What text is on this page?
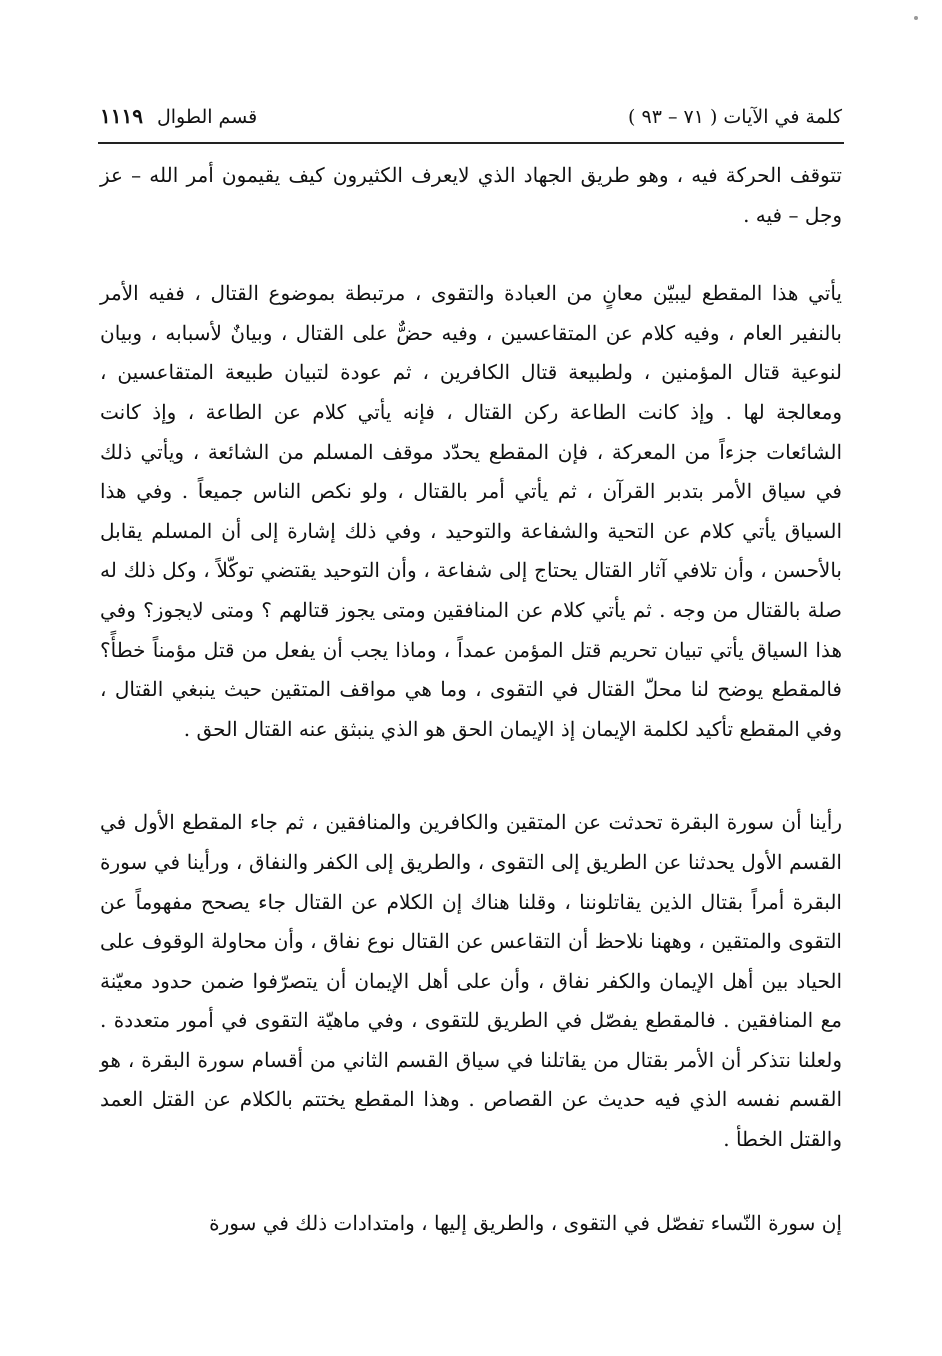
كلمة في الآيات ( ٧١ – ٩٣ )
قسم الطوال
١١١٩

تتوقف الحركة فيه ، وهو طريق الجهاد الذي لايعرف الكثيرون كيف يقيمون أمر الله – عز وجل – فيه .

يأتي هذا المقطع ليبيّن معانٍ من العبادة والتقوى ، مرتبطة بموضوع القتال ، ففيه الأمر بالنفير العام ، وفيه كلام عن المتقاعسين ، وفيه حضٌّ على القتال ، وبيانٌ لأسبابه ، وبيان لنوعية قتال المؤمنين ، ولطبيعة قتال الكافرين ، ثم عودة لتبيان طبيعة المتقاعسين ، ومعالجة لها . وإذ كانت الطاعة ركن القتال ، فإنه يأتي كلام عن الطاعة ، وإذ كانت الشائعات جزءاً من المعركة ، فإن المقطع يحدّد موقف المسلم من الشائعة ، ويأتي ذلك في سياق الأمر بتدبر القرآن ، ثم يأتي أمر بالقتال ، ولو نكص الناس جميعاً . وفي هذا السياق يأتي كلام عن التحية والشفاعة والتوحيد ، وفي ذلك إشارة إلى أن المسلم يقابل بالأحسن ، وأن تلافي آثار القتال يحتاج إلى شفاعة ، وأن التوحيد يقتضي توكّلاً ، وكل ذلك له صلة بالقتال من وجه . ثم يأتي كلام عن المنافقين ومتى يجوز قتالهم ؟ ومتى لايجوز؟ وفي هذا السياق يأتي تبيان تحريم قتل المؤمن عمداً ، وماذا يجب أن يفعل من قتل مؤمناً خطأً؟ فالمقطع يوضح لنا محلّ القتال في التقوى ، وما هي مواقف المتقين حيث ينبغي القتال ، وفي المقطع تأكيد لكلمة الإيمان إذ الإيمان الحق هو الذي ينبثق عنه القتال الحق .

رأينا أن سورة البقرة تحدثت عن المتقين والكافرين والمنافقين ، ثم جاء المقطع الأول في القسم الأول يحدثنا عن الطريق إلى التقوى ، والطريق إلى الكفر والنفاق ، ورأينا في سورة البقرة أمراً بقتال الذين يقاتلوننا ، وقلنا هناك إن الكلام عن القتال جاء يصحح مفهوماً عن التقوى والمتقين ، وههنا نلاحظ أن التقاعس عن القتال نوع نفاق ، وأن محاولة الوقوف على الحياد بين أهل الإيمان والكفر نفاق ، وأن على أهل الإيمان أن يتصرّفوا ضمن حدود معيّنة مع المنافقين . فالمقطع يفصّل في الطريق للتقوى ، وفي ماهيّة التقوى في أمور متعددة . ولعلنا نتذكر أن الأمر بقتال من يقاتلنا في سياق القسم الثاني من أقسام سورة البقرة ، هو القسم نفسه الذي فيه حديث عن القصاص . وهذا المقطع يختتم بالكلام عن القتل العمد والقتل الخطأ .

إن سورة النّساء تفصّل في التقوى ، والطريق إليها ، وامتدادات ذلك في سورة
